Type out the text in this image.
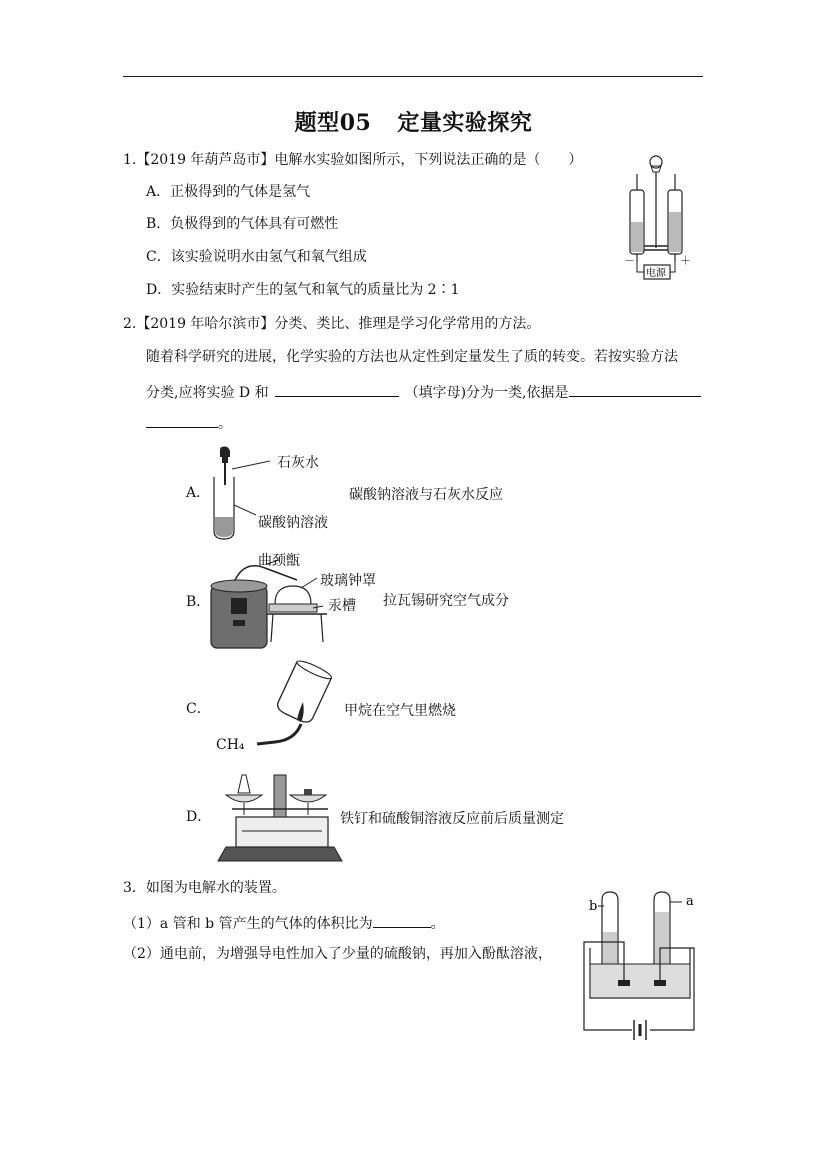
题型05 定量实验探究
1.【2019 年葫芦岛市】电解水实验如图所示，下列说法正确的是（　　）
A．正极得到的气体是氢气
B．负极得到的气体具有可燃性
C．该实验说明水由氢气和氧气组成
D．实验结束时产生的氢气和氧气的质量比为 2∶1
－	＋
电源
2.【2019 年哈尔滨市】分类、类比、推理是学习化学常用的方法。
随着科学研究的进展，化学实验的方法也从定性到定量发生了质的转变。若按实验方法
分类,应将实验 D 和	（填字母)分为一类,依据是
。
A．
石灰水
碳酸钠溶液
碳酸钠溶液与石灰水反应
B．
曲颈甑
玻璃钟罩
汞槽 拉瓦锡研究空气成分
C．
CH₄
甲烷在空气里燃烧
D．	铁钉和硫酸铜溶液反应前后质量测定
3．如图为电解水的装置。
（1）a 管和 b 管产生的气体的体积比为	。
（2）通电前，为增强导电性加入了少量的硫酸钠，再加入酚酞溶液，
b	a
